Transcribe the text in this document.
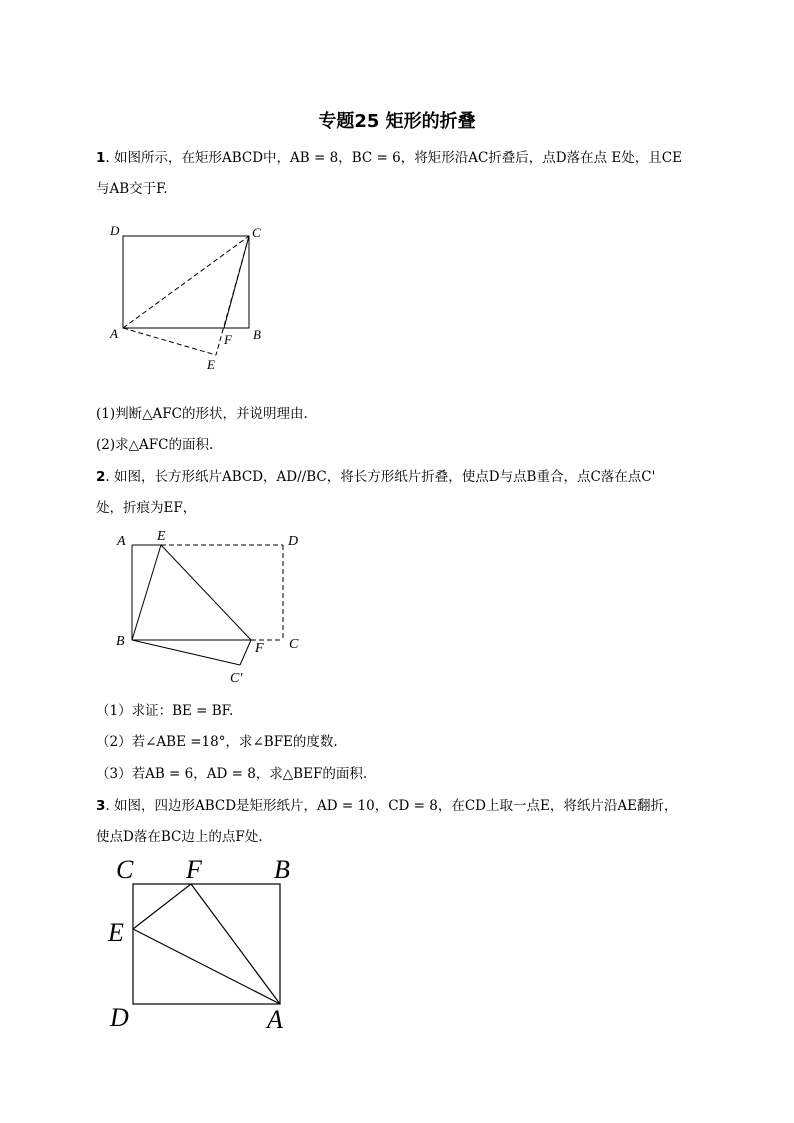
专题25 矩形的折叠
1. 如图所示，在矩形ABCD中，AB = 8，BC = 6，将矩形沿AC折叠后，点D落在点 E处，且CE
与AB交于F.
D	C
A	B
F
E
A E	D
B	F C
C'
C F	B
E
D	A
(1)判断△AFC的形状，并说明理由.
(2)求△AFC的面积.
2. 如图，长方形纸片ABCD，AD//BC，将长方形纸片折叠，使点D与点B重合，点C落在点C'
处，折痕为EF，
（1）求证：BE = BF.
（2）若∠ABE =18°，求∠BFE的度数.
（3）若AB = 6，AD = 8，求△BEF的面积.
3. 如图，四边形ABCD是矩形纸片，AD = 10，CD = 8，在CD上取一点E，将纸片沿AE翻折，
使点D落在BC边上的点F处.
